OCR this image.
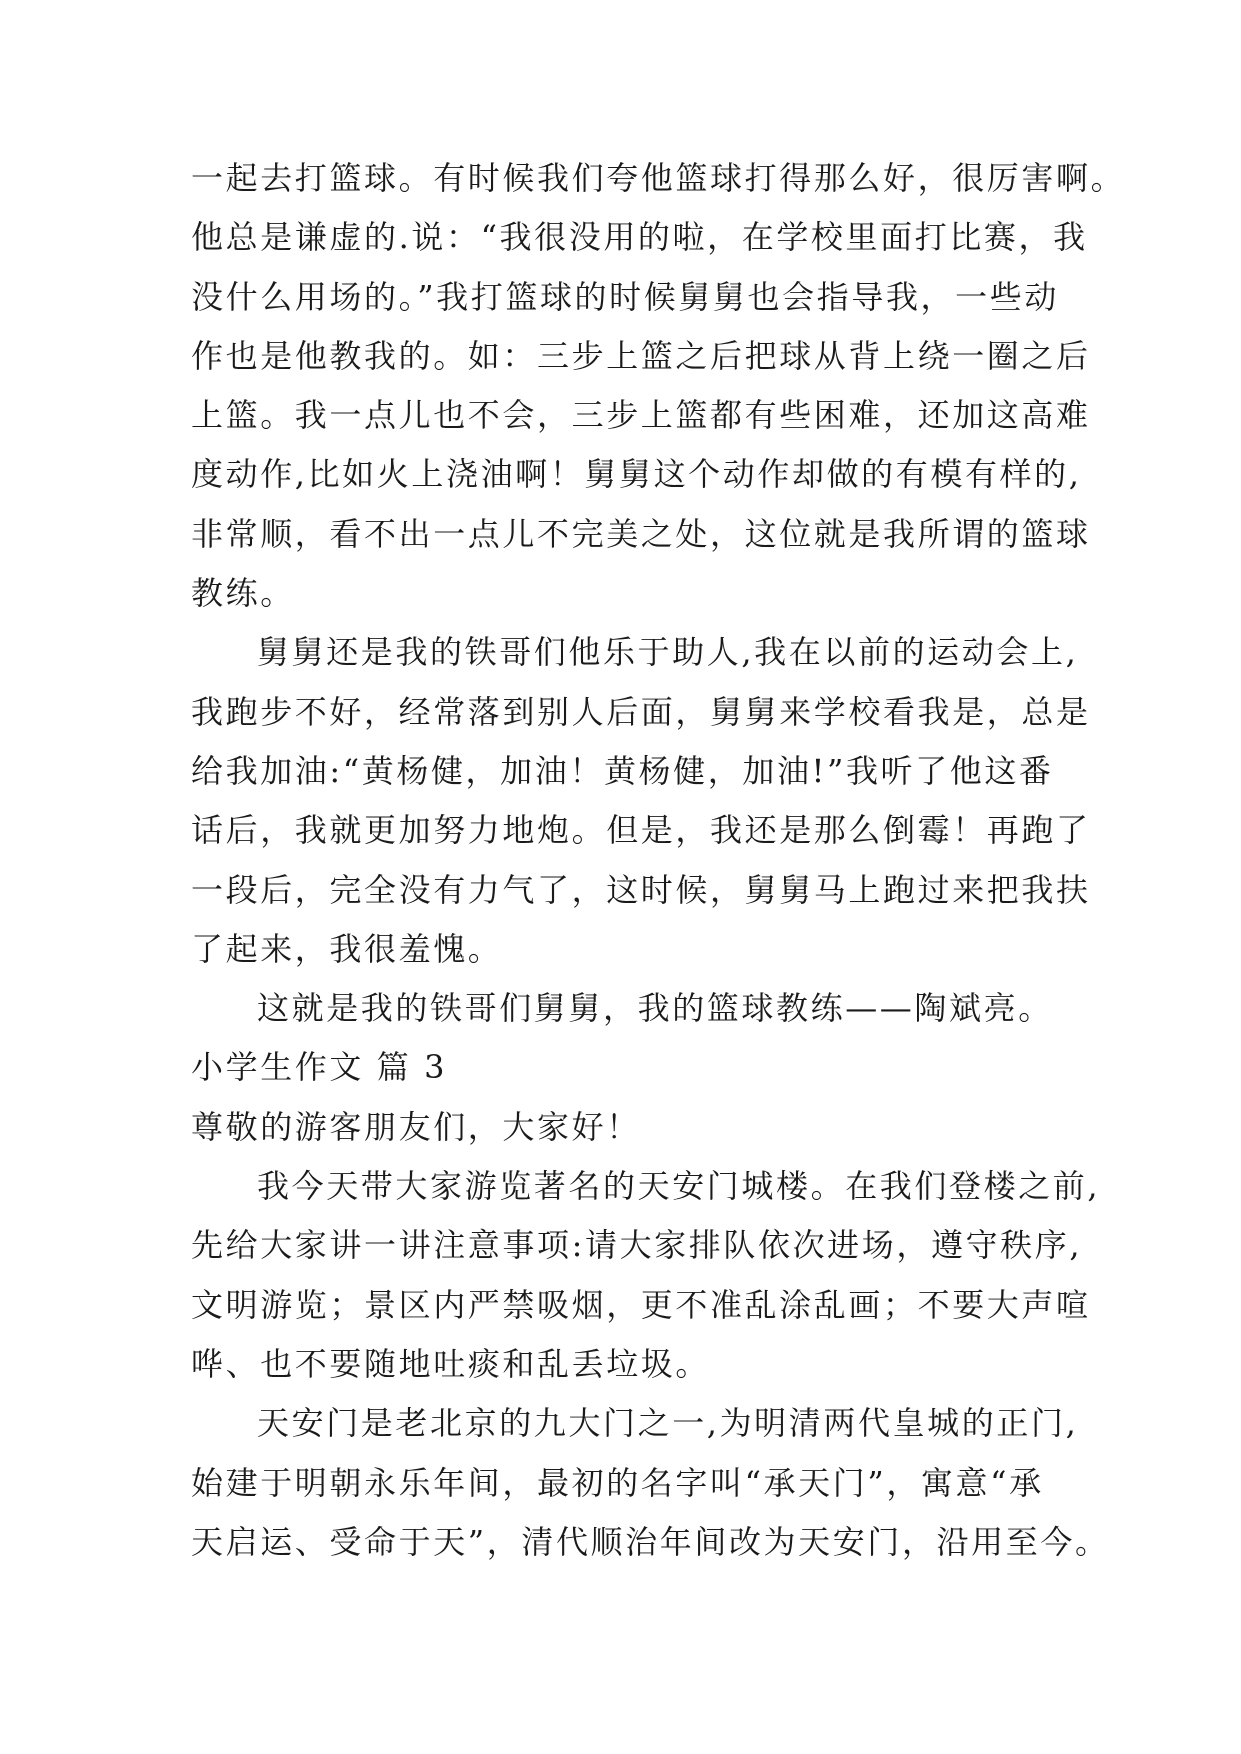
一起去打篮球。有时候我们夸他篮球打得那么好，很厉害啊。
他总是谦虚的.说：“我很没用的啦，在学校里面打比赛，我
没什么用场的。”我打篮球的时候舅舅也会指导我，一些动
作也是他教我的。如：三步上篮之后把球从背上绕一圈之后
上篮。我一点儿也不会，三步上篮都有些困难，还加这高难
度动作,比如火上浇油啊！舅舅这个动作却做的有模有样的,
非常顺，看不出一点儿不完美之处，这位就是我所谓的篮球
教练。
舅舅还是我的铁哥们他乐于助人,我在以前的运动会上,
我跑步不好，经常落到别人后面，舅舅来学校看我是，总是
给我加油:“黄杨健，加油！黄杨健，加油!”我听了他这番
话后，我就更加努力地炮。但是，我还是那么倒霉！再跑了
一段后，完全没有力气了，这时候，舅舅马上跑过来把我扶
了起来，我很羞愧。
这就是我的铁哥们舅舅，我的篮球教练——陶斌亮。
小学生作文 篇 3
尊敬的游客朋友们，大家好！
我今天带大家游览著名的天安门城楼。在我们登楼之前,
先给大家讲一讲注意事项:请大家排队依次进场，遵守秩序,
文明游览；景区内严禁吸烟，更不准乱涂乱画；不要大声喧
哗、也不要随地吐痰和乱丢垃圾。
天安门是老北京的九大门之一,为明清两代皇城的正门,
始建于明朝永乐年间，最初的名字叫“承天门”，寓意“承
天启运、受命于天”，清代顺治年间改为天安门，沿用至今。
